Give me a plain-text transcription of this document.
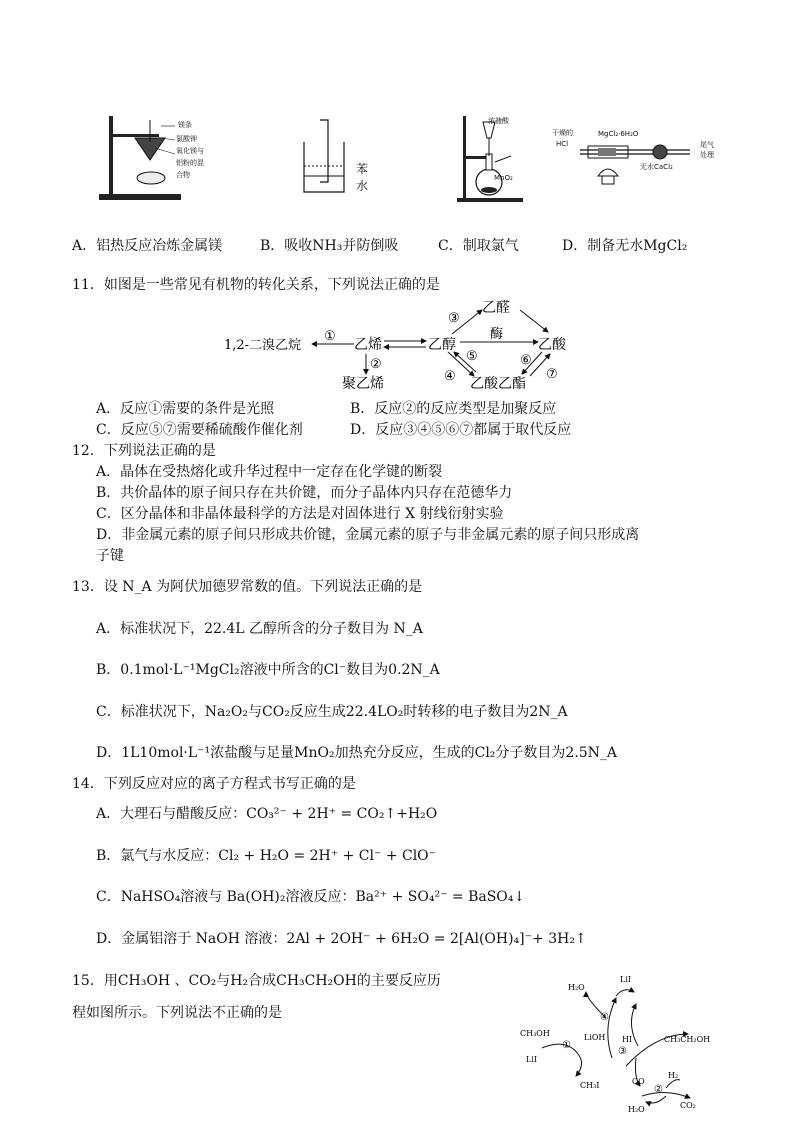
镁条
氯酸钾
氧化镁与
铝粉的混
合物	苯
水
浓盐酸
MnO₂
干燥的
HCl
MgCl₂·6H₂O
无水CaCl₂
尾气
处理
A．铝热反应冶炼金属镁	B．吸收NH₃并防倒吸	C．制取氯气	D．制备无水MgCl₂
11．如图是一些常见有机物的转化关系，下列说法正确的是
1,2-二溴乙烷	乙烯	乙醇
乙醛
乙酸
乙酸乙酯
聚乙烯
酶
①
②
③
④
⑤	⑥
⑦
A．反应①需要的条件是光照	B．反应②的反应类型是加聚反应
C．反应⑤⑦需要稀硫酸作催化剂	D．反应③④⑤⑥⑦都属于取代反应
12．下列说法正确的是
A．晶体在受热熔化或升华过程中一定存在化学键的断裂
B．共价晶体的原子间只存在共价键，而分子晶体内只存在范德华力
C．区分晶体和非晶体最科学的方法是对固体进行 X 射线衍射实验
D．非金属元素的原子间只形成共价键，金属元素的原子与非金属元素的原子间只形成离
子键
13．设 N_A 为阿伏加德罗常数的值。下列说法正确的是
A．标准状况下，22.4L 乙醇所含的分子数目为 N_A
B．0.1mol·L⁻¹MgCl₂溶液中所含的Cl⁻数目为0.2N_A
C．标准状况下，Na₂O₂与CO₂反应生成22.4LO₂时转移的电子数目为2N_A
D．1L10mol·L⁻¹浓盐酸与足量MnO₂加热充分反应，生成的Cl₂分子数目为2.5N_A
14．下列反应对应的离子方程式书写正确的是
A．大理石与醋酸反应：CO₃²⁻ + 2H⁺ = CO₂↑+H₂O
B．氯气与水反应：Cl₂ + H₂O = 2H⁺ + Cl⁻ + ClO⁻
C．NaHSO₄溶液与 Ba(OH)₂溶液反应：Ba²⁺ + SO₄²⁻ = BaSO₄↓
D．金属铝溶于 NaOH 溶液：2Al + 2OH⁻ + 6H₂O = 2[Al(OH)₄]⁻+ 3H₂↑
15．用CH₃OH 、CO₂与H₂合成CH₃CH₂OH的主要反应历
程如图所示。下列说法不正确的是
H₂O
LiI
④
HI
CH₃OH
LiI
①
LiOH
CH₃I
③
CH₃CH₂OH
CO
②
H₂
H₂O	CO₂
